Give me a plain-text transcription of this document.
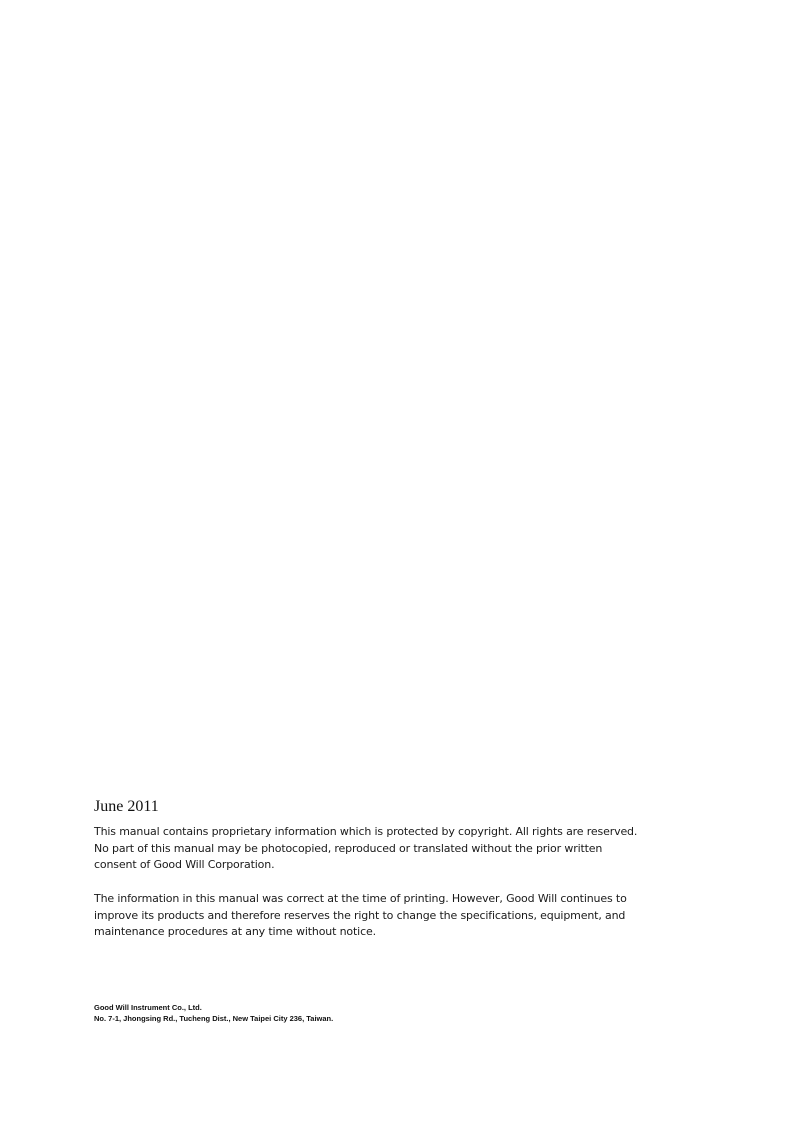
June 2011

This manual contains proprietary information which is protected by copyright. All rights are reserved.
No part of this manual may be photocopied, reproduced or translated without the prior written
consent of Good Will Corporation.

The information in this manual was correct at the time of printing. However, Good Will continues to
improve its products and therefore reserves the right to change the specifications, equipment, and
maintenance procedures at any time without notice.

Good Will Instrument Co., Ltd.
No. 7-1, Jhongsing Rd., Tucheng Dist., New Taipei City 236, Taiwan.
